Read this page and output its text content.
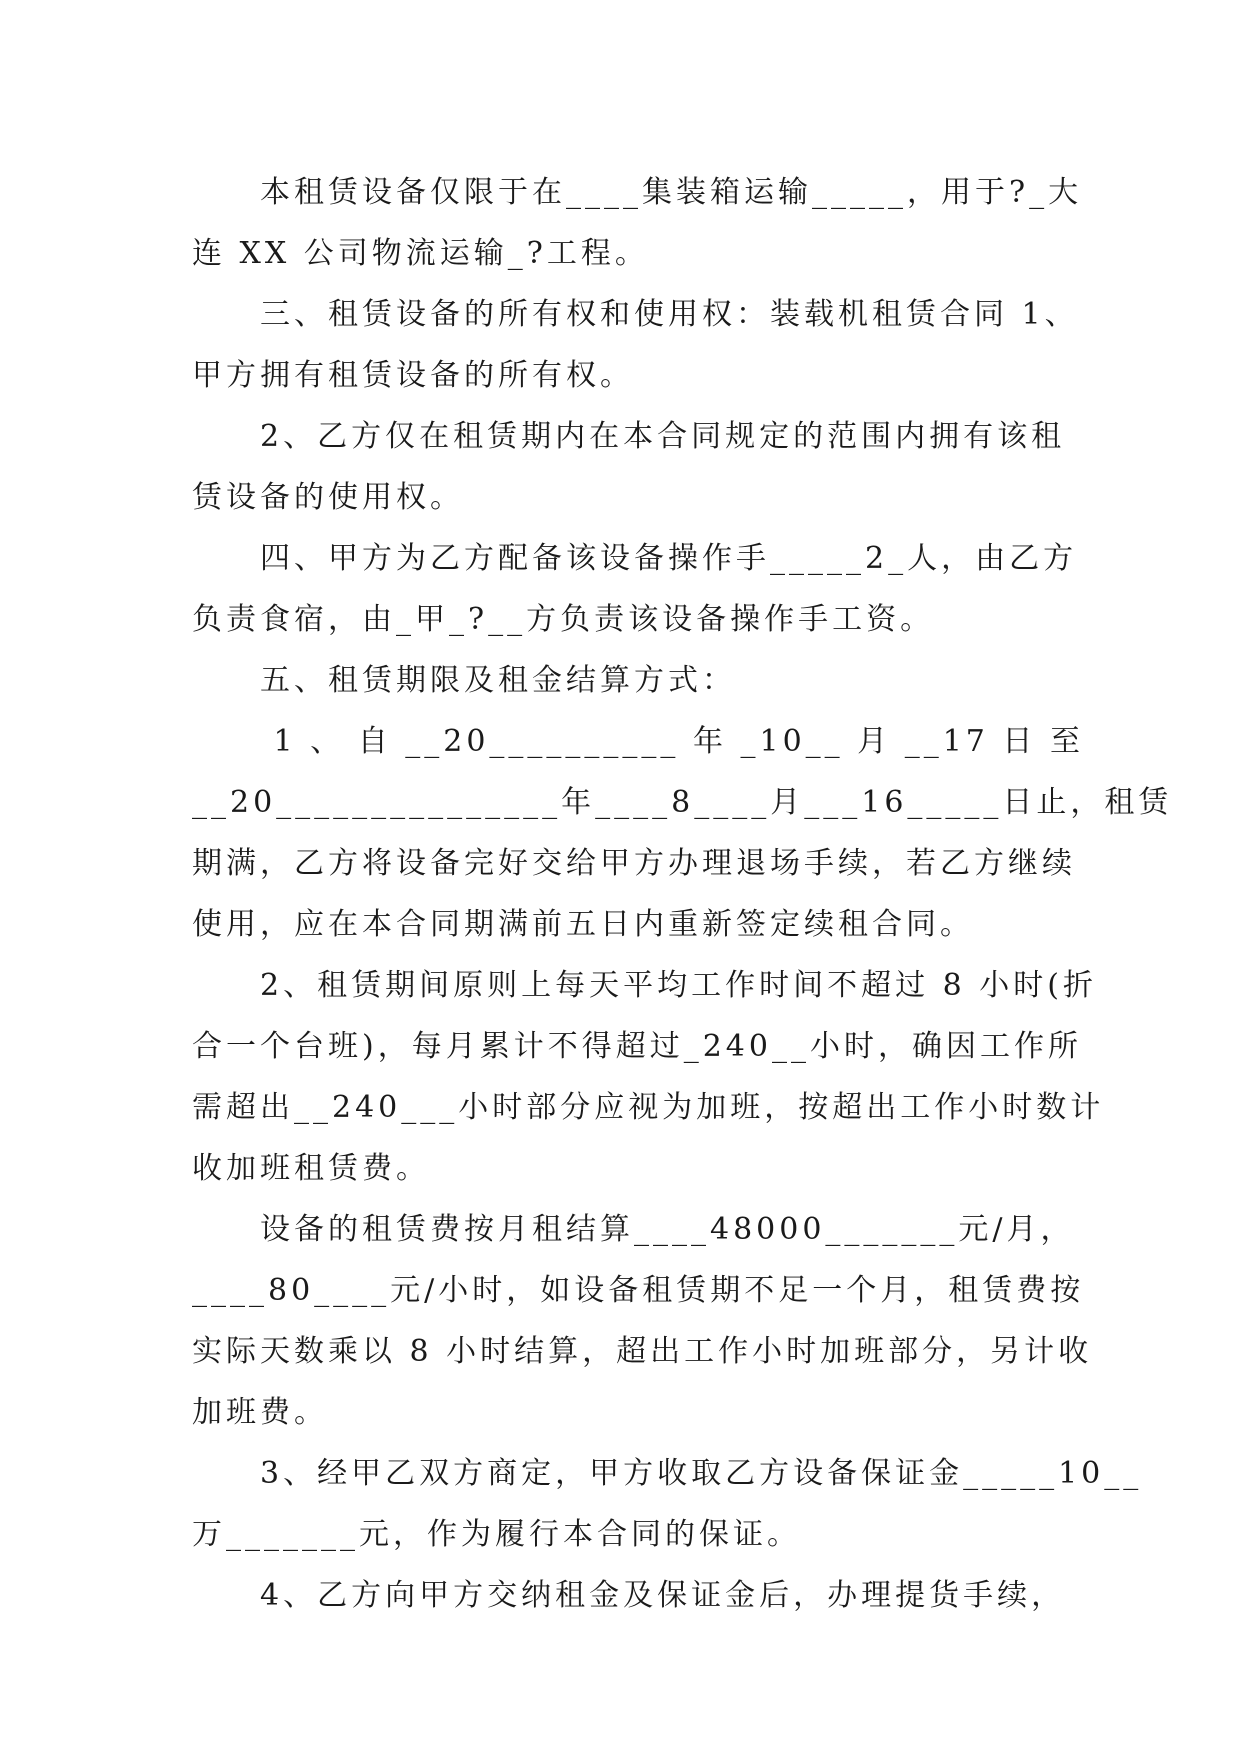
　　本租赁设备仅限于在____集装箱运输_____，用于?_大
连 XX 公司物流运输_?工程。

　　三、租赁设备的所有权和使用权：装载机租赁合同 1、
甲方拥有租赁设备的所有权。

　　2、乙方仅在租赁期内在本合同规定的范围内拥有该租
赁设备的使用权。

　　四、甲方为乙方配备该设备操作手_____2_人，由乙方
负责食宿，由_甲_?__方负责该设备操作手工资。

　　五、租赁期限及租金结算方式：

　　 1 、 自 __20__________ 年 _10__ 月 __17 日 至
__20_______________年____8____月___16_____日止，租赁
期满，乙方将设备完好交给甲方办理退场手续，若乙方继续
使用，应在本合同期满前五日内重新签定续租合同。

　　2、租赁期间原则上每天平均工作时间不超过 8 小时(折
合一个台班)，每月累计不得超过_240__小时，确因工作所
需超出__240___小时部分应视为加班，按超出工作小时数计
收加班租赁费。

　　设备的租赁费按月租结算____48000_______元/月，
____80____元/小时，如设备租赁期不足一个月，租赁费按
实际天数乘以 8 小时结算，超出工作小时加班部分，另计收
加班费。

　　3、经甲乙双方商定，甲方收取乙方设备保证金_____10__
万_______元，作为履行本合同的保证。

　　4、乙方向甲方交纳租金及保证金后，办理提货手续，
